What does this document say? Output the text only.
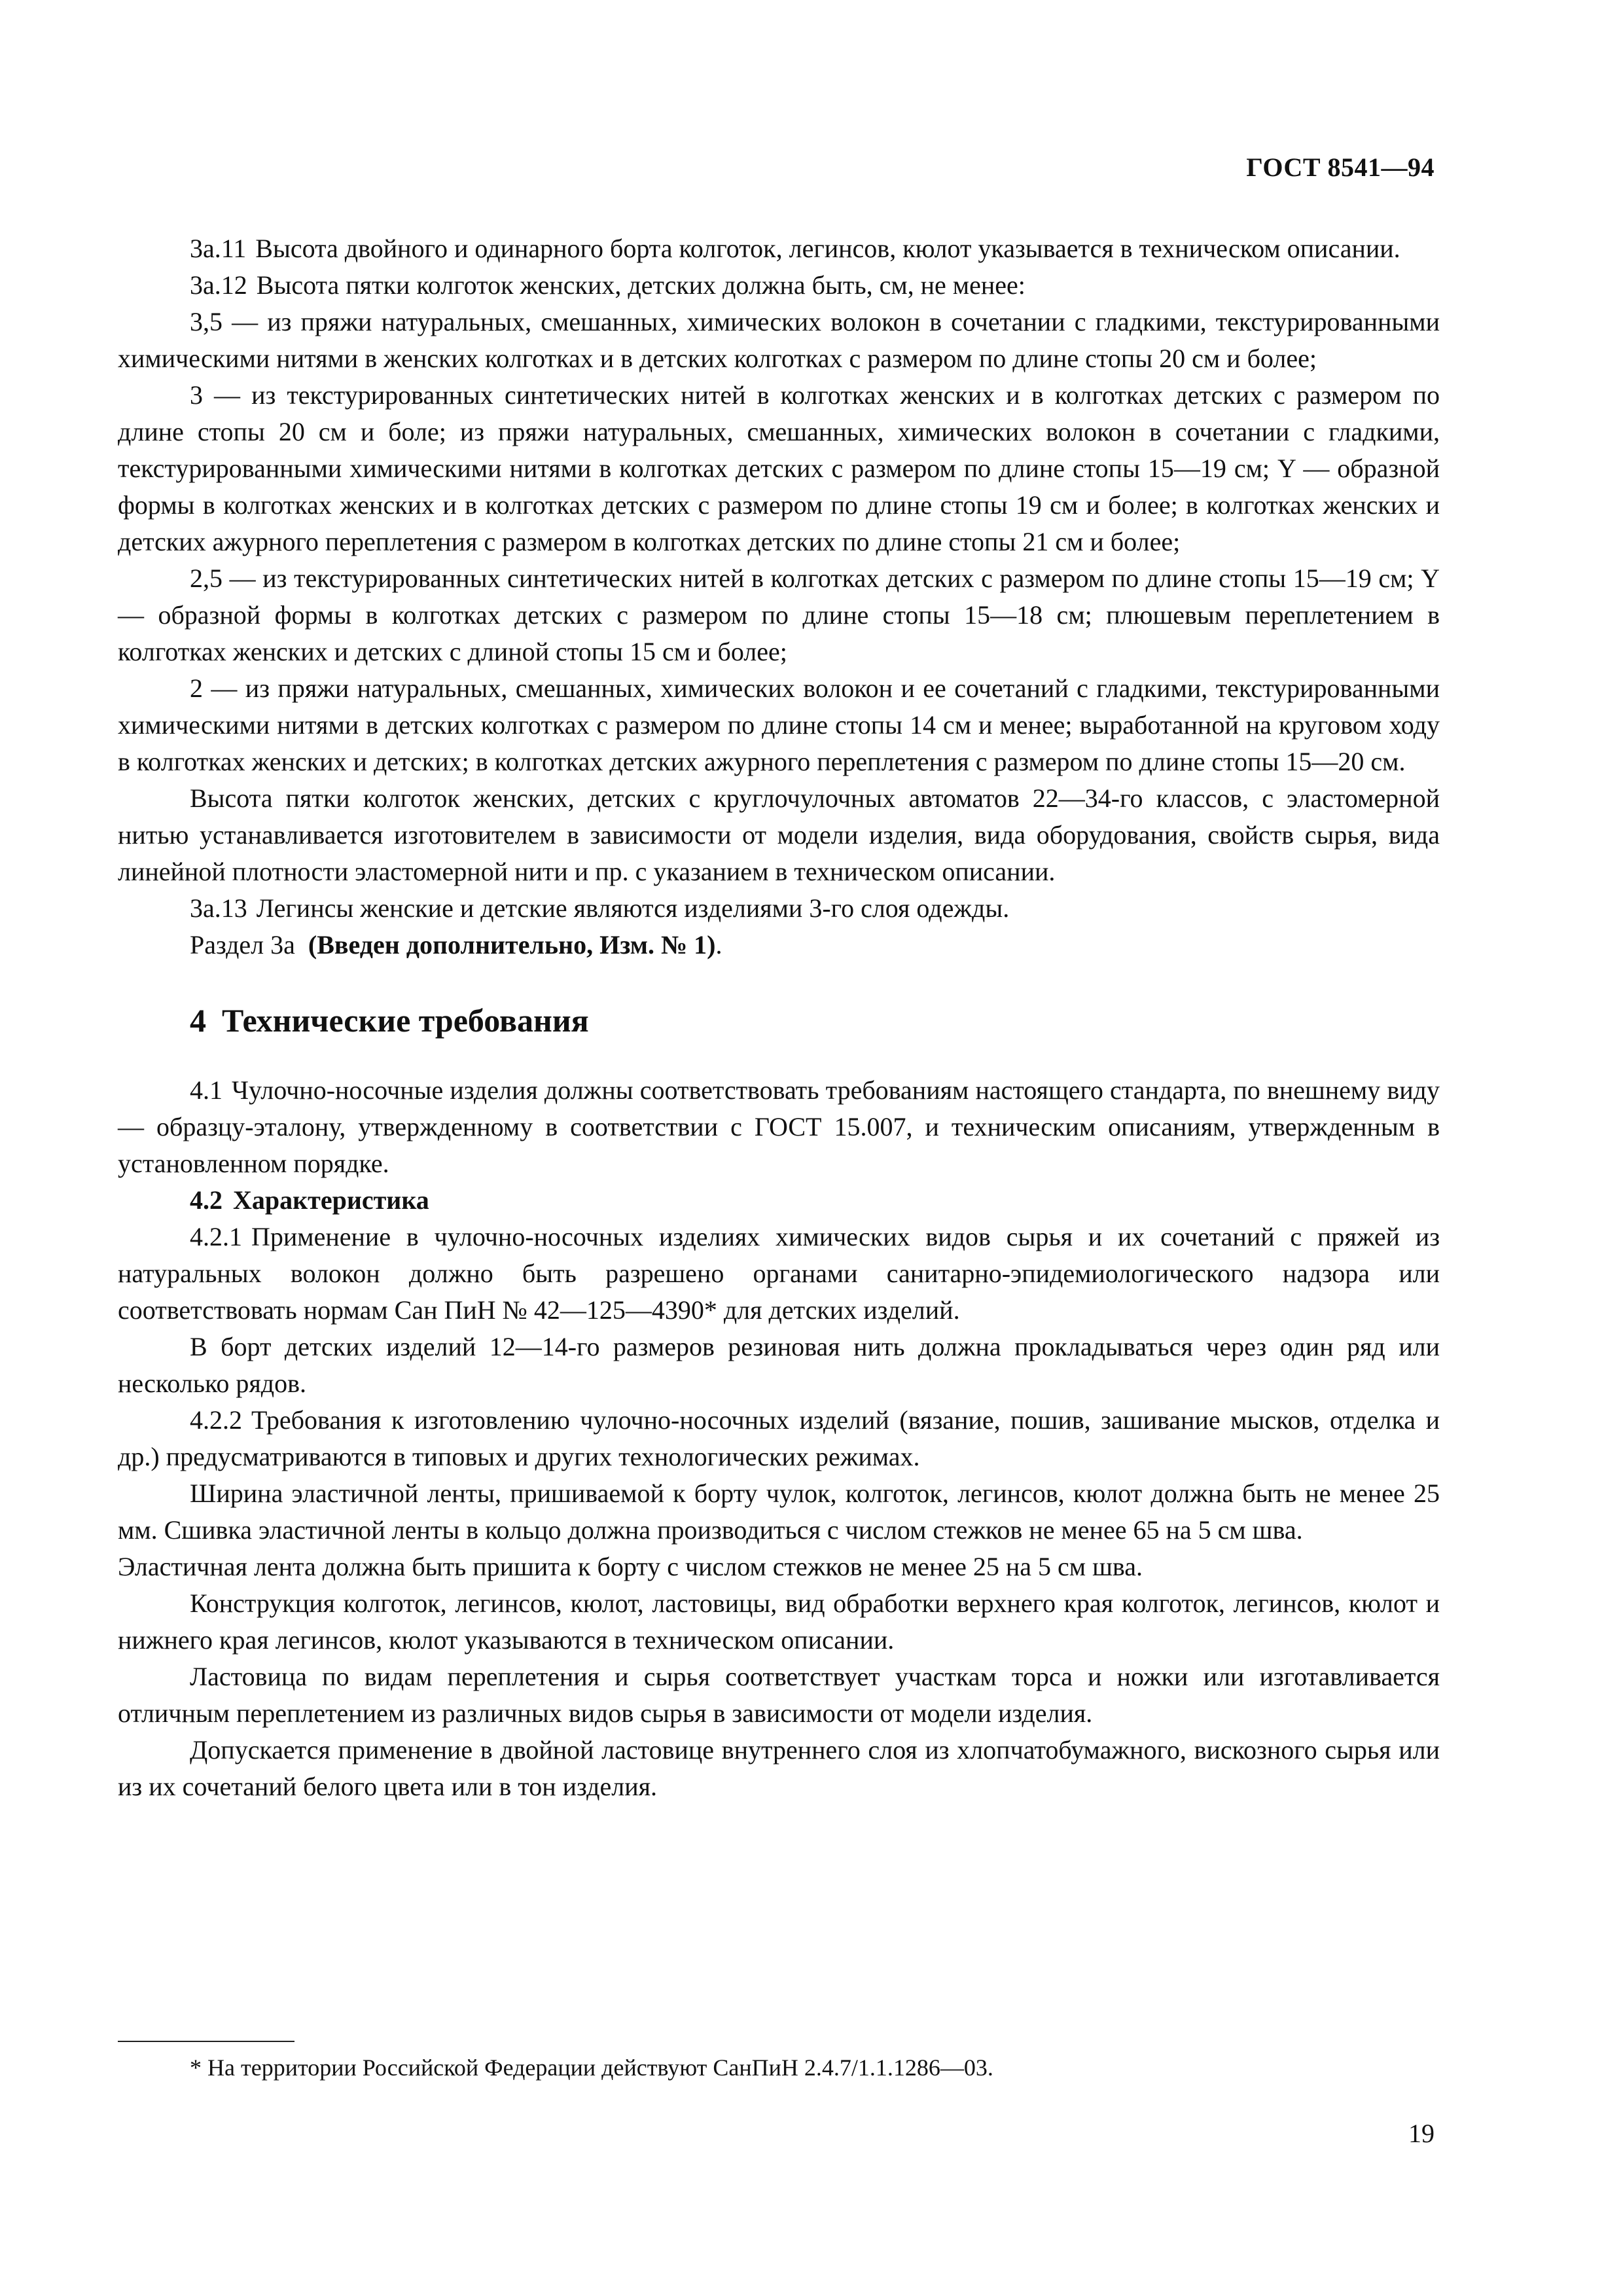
ГОСТ 8541—94

3а.11 Высота двойного и одинарного борта колготок, легинсов, кюлот указывается в техническом описании.

3а.12 Высота пятки колготок женских, детских должна быть, см, не менее:

3,5 — из пряжи натуральных, смешанных, химических волокон в сочетании с гладкими, текстурированными химическими нитями в женских колготках и в детских колготках с размером по длине стопы 20 см и более;

3 — из текстурированных синтетических нитей в колготках женских и в колготках детских с размером по длине стопы 20 см и боле; из пряжи натуральных, смешанных, химических волокон в сочетании с гладкими, текстурированными химическими нитями в колготках детских с размером по длине стопы 15—19 см; Y — образной формы в колготках женских и в колготках детских с размером по длине стопы 19 см и более; в колготках женских и детских ажурного переплетения с размером в колготках детских по длине стопы 21 см и более;

2,5 — из текстурированных синтетических нитей в колготках детских с размером по длине стопы 15—19 см; Y — образной формы в колготках детских с размером по длине стопы 15—18 см; плюшевым переплетением в колготках женских и детских с длиной стопы 15 см и более;

2 — из пряжи натуральных, смешанных, химических волокон и ее сочетаний с гладкими, текстурированными химическими нитями в детских колготках с размером по длине стопы 14 см и менее; выработанной на круговом ходу в колготках женских и детских; в колготках детских ажурного переплетения с размером по длине стопы 15—20 см.

Высота пятки колготок женских, детских с круглочулочных автоматов 22—34-го классов, с эластомерной нитью устанавливается изготовителем в зависимости от модели изделия, вида оборудования, свойств сырья, вида линейной плотности эластомерной нити и пр. с указанием в техническом описании.

3а.13 Легинсы женские и детские являются изделиями 3-го слоя одежды.

Раздел 3а (Введен дополнительно, Изм. № 1).

4 Технические требования

4.1 Чулочно-носочные изделия должны соответствовать требованиям настоящего стандарта, по внешнему виду — образцу-эталону, утвержденному в соответствии с ГОСТ 15.007, и техническим описаниям, утвержденным в установленном порядке.

4.2 Характеристика

4.2.1 Применение в чулочно-носочных изделиях химических видов сырья и их сочетаний с пряжей из натуральных волокон должно быть разрешено органами санитарно-эпидемиологического надзора или соответствовать нормам Сан ПиН № 42—125—4390* для детских изделий.

В борт детских изделий 12—14-го размеров резиновая нить должна прокладываться через один ряд или несколько рядов.

4.2.2 Требования к изготовлению чулочно-носочных изделий (вязание, пошив, зашивание мысков, отделка и др.) предусматриваются в типовых и других технологических режимах.

Ширина эластичной ленты, пришиваемой к борту чулок, колготок, легинсов, кюлот должна быть не менее 25 мм. Сшивка эластичной ленты в кольцо должна производиться с числом стежков не менее 65 на 5 см шва.

Эластичная лента должна быть пришита к борту с числом стежков не менее 25 на 5 см шва.

Конструкция колготок, легинсов, кюлот, ластовицы, вид обработки верхнего края колготок, легинсов, кюлот и нижнего края легинсов, кюлот указываются в техническом описании.

Ластовица по видам переплетения и сырья соответствует участкам торса и ножки или изготавливается отличным переплетением из различных видов сырья в зависимости от модели изделия.

Допускается применение в двойной ластовице внутреннего слоя из хлопчатобумажного, вискозного сырья или из их сочетаний белого цвета или в тон изделия.

* На территории Российской Федерации действуют СанПиН 2.4.7/1.1.1286—03.
19
